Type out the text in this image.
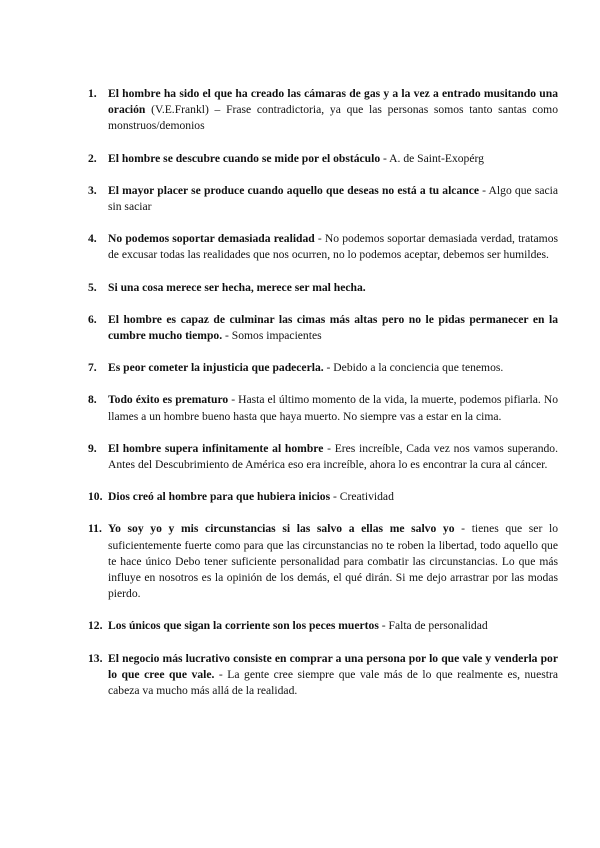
1. El hombre ha sido el que ha creado las cámaras de gas y a la vez a entrado musitando una oración (V.E.Frankl) – Frase contradictoria, ya que las personas somos tanto santas como monstruos/demonios
2. El hombre se descubre cuando se mide por el obstáculo - A. de Saint-Exopérg
3. El mayor placer se produce cuando aquello que deseas no está a tu alcance - Algo que sacia sin saciar
4. No podemos soportar demasiada realidad - No podemos soportar demasiada verdad, tratamos de excusar todas las realidades que nos ocurren, no lo podemos aceptar, debemos ser humildes.
5. Si una cosa merece ser hecha, merece ser mal hecha.
6. El hombre es capaz de culminar las cimas más altas pero no le pidas permanecer en la cumbre mucho tiempo. - Somos impacientes
7. Es peor cometer la injusticia que padecerla. - Debido a la conciencia que tenemos.
8. Todo éxito es prematuro - Hasta el último momento de la vida, la muerte, podemos pifiarla. No llames a un hombre bueno hasta que haya muerto. No siempre vas a estar en la cima.
9. El hombre supera infinitamente al hombre - Eres increíble, Cada vez nos vamos superando. Antes del Descubrimiento de América eso era increíble, ahora lo es encontrar la cura al cáncer.
10. Dios creó al hombre para que hubiera inicios - Creatividad
11. Yo soy yo y mis circunstancias si las salvo a ellas me salvo yo - tienes que ser lo suficientemente fuerte como para que las circunstancias no te roben la libertad, todo aquello que te hace único Debo tener suficiente personalidad para combatir las circunstancias. Lo que más influye en nosotros es la opinión de los demás, el qué dirán. Si me dejo arrastrar por las modas pierdo.
12. Los únicos que sigan la corriente son los peces muertos - Falta de personalidad
13. El negocio más lucrativo consiste en comprar a una persona por lo que vale y venderla por lo que cree que vale. - La gente cree siempre que vale más de lo que realmente es, nuestra cabeza va mucho más allá de la realidad.
